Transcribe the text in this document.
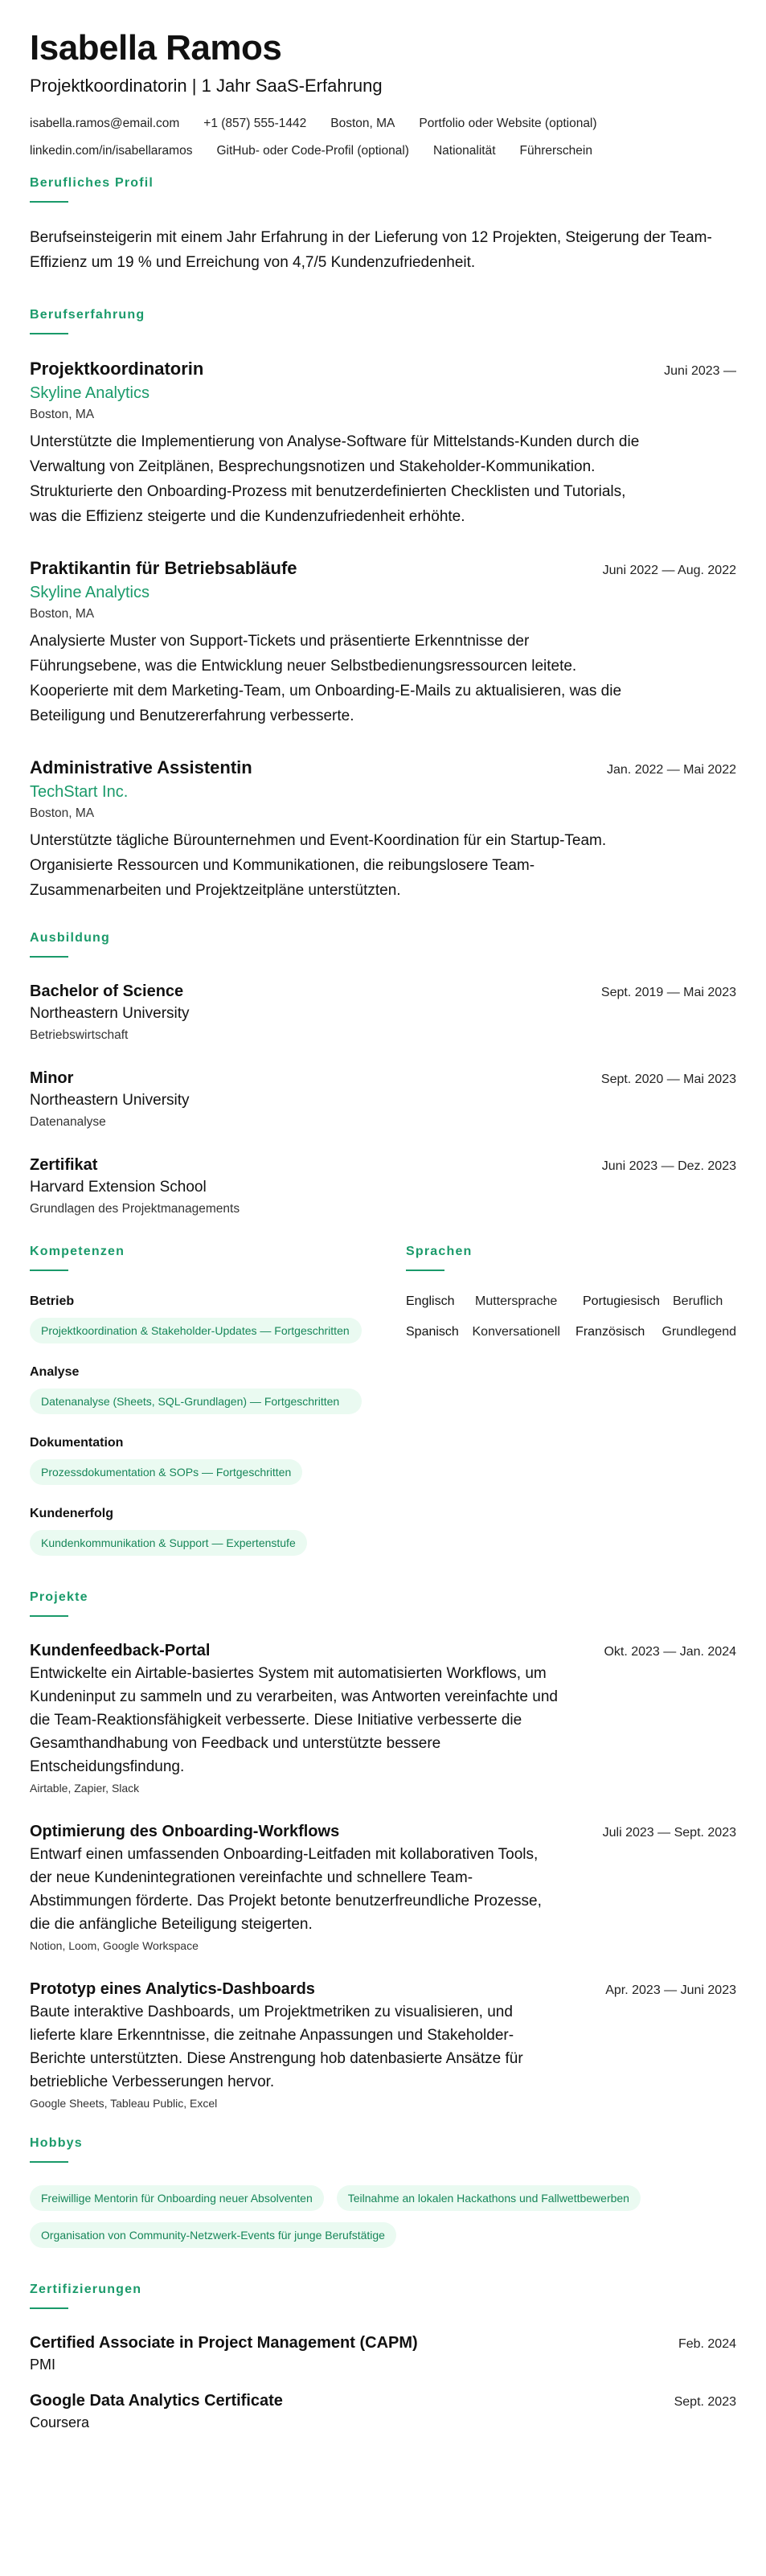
Isabella Ramos
Projektkoordinatorin | 1 Jahr SaaS-Erfahrung
isabella.ramos@email.com +1 (857) 555-1442 Boston, MA Portfolio oder Website (optional)
linkedin.com/in/isabellaramos GitHub- oder Code-Profil (optional) Nationalität Führerschein
Berufliches Profil

Berufseinsteigerin mit einem Jahr Erfahrung in der Lieferung von 12 Projekten, Steigerung der Team-Effizienz um 19 % und Erreichung von 4,7/5 Kundenzufriedenheit.

Berufserfahrung
Projektkoordinatorin	Juni 2023 —
Skyline Analytics
Boston, MA
Unterstützte die Implementierung von Analyse-Software für Mittelstands-Kunden durch die Verwaltung von Zeitplänen, Besprechungsnotizen und Stakeholder-Kommunikation. Strukturierte den Onboarding-Prozess mit benutzerdefinierten Checklisten und Tutorials, was die Effizienz steigerte und die Kundenzufriedenheit erhöhte.
Praktikantin für Betriebsabläufe	Juni 2022 — Aug. 2022
Skyline Analytics
Boston, MA
Analysierte Muster von Support-Tickets und präsentierte Erkenntnisse der Führungsebene, was die Entwicklung neuer Selbstbedienungsressourcen leitete. Kooperierte mit dem Marketing-Team, um Onboarding-E-Mails zu aktualisieren, was die Beteiligung und Benutzererfahrung verbesserte.
Administrative Assistentin	Jan. 2022 — Mai 2022
TechStart Inc.
Boston, MA
Unterstützte tägliche Bürounternehmen und Event-Koordination für ein Startup-Team. Organisierte Ressourcen und Kommunikationen, die reibungslosere Team-Zusammenarbeiten und Projektzeitpläne unterstützten.
Ausbildung
Bachelor of Science	Sept. 2019 — Mai 2023
Northeastern University
Betriebswirtschaft
Minor	Sept. 2020 — Mai 2023
Northeastern University
Datenanalyse
Zertifikat	Juni 2023 — Dez. 2023
Harvard Extension School
Grundlagen des Projektmanagements
Kompetenzen
Betrieb
Projektkoordination & Stakeholder-Updates — Fortgeschritten
Analyse
Datenanalyse (Sheets, SQL-Grundlagen) — Fortgeschritten
Dokumentation
Prozessdokumentation & SOPs — Fortgeschritten
Kundenerfolg
Kundenkommunikation & Support — Expertenstufe
Sprachen
Englisch	Muttersprache	Portugiesisch Beruflich
Spanisch	Konversationell	Französisch	Grundlegend
Projekte
Kundenfeedback-Portal	Okt. 2023 — Jan. 2024
Entwickelte ein Airtable-basiertes System mit automatisierten Workflows, um Kundeninput zu sammeln und zu verarbeiten, was Antworten vereinfachte und die Team-Reaktionsfähigkeit verbesserte. Diese Initiative verbesserte die Gesamthandhabung von Feedback und unterstützte bessere Entscheidungsfindung.
Airtable, Zapier, Slack
Optimierung des Onboarding-Workflows	Juli 2023 — Sept. 2023
Entwarf einen umfassenden Onboarding-Leitfaden mit kollaborativen Tools, der neue Kundenintegrationen vereinfachte und schnellere Team-Abstimmungen förderte. Das Projekt betonte benutzerfreundliche Prozesse, die die anfängliche Beteiligung steigerten.
Notion, Loom, Google Workspace
Prototyp eines Analytics-Dashboards	Apr. 2023 — Juni 2023
Baute interaktive Dashboards, um Projektmetriken zu visualisieren, und lieferte klare Erkenntnisse, die zeitnahe Anpassungen und Stakeholder-Berichte unterstützten. Diese Anstrengung hob datenbasierte Ansätze für betriebliche Verbesserungen hervor.
Google Sheets, Tableau Public, Excel
Hobbys
Freiwillige Mentorin für Onboarding neuer Absolventen	Teilnahme an lokalen Hackathons und Fallwettbewerben
Organisation von Community-Netzwerk-Events für junge Berufstätige
Zertifizierungen
Certified Associate in Project Management (CAPM)	Feb. 2024
PMI
Google Data Analytics Certificate	Sept. 2023
Coursera
